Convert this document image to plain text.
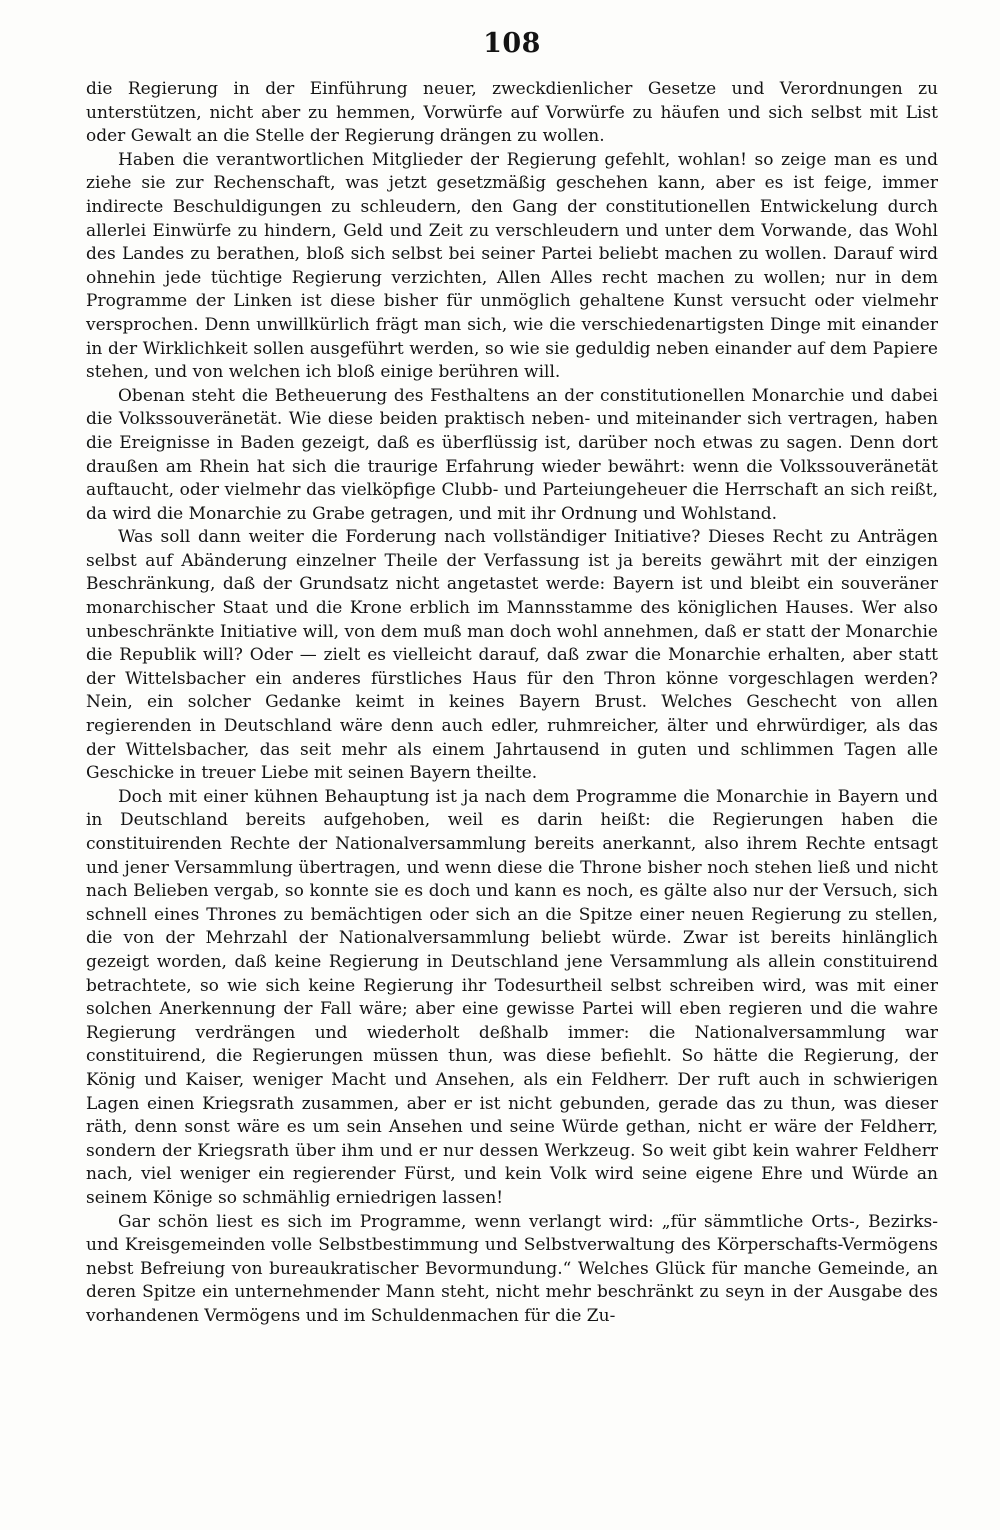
108

die Regierung in der Einführung neuer, zweckdienlicher Gesetze und Verordnungen zu unterstützen, nicht aber zu hemmen, Vorwürfe auf Vorwürfe zu häufen und sich selbst mit List oder Gewalt an die Stelle der Regierung drängen zu wollen.

Haben die verantwortlichen Mitglieder der Regierung gefehlt, wohlan! so zeige man es und ziehe sie zur Rechenschaft, was jetzt gesetzmäßig geschehen kann, aber es ist feige, immer indirecte Beschuldigungen zu schleudern, den Gang der constitutionellen Entwickelung durch allerlei Einwürfe zu hindern, Geld und Zeit zu verschleudern und unter dem Vorwande, das Wohl des Landes zu berathen, bloß sich selbst bei seiner Partei beliebt machen zu wollen. Darauf wird ohnehin jede tüchtige Regierung verzichten, Allen Alles recht machen zu wollen; nur in dem Programme der Linken ist diese bisher für unmöglich gehaltene Kunst versucht oder vielmehr versprochen. Denn unwillkürlich frägt man sich, wie die verschiedenartigsten Dinge mit einander in der Wirklichkeit sollen ausgeführt werden, so wie sie geduldig neben einander auf dem Papiere stehen, und von welchen ich bloß einige berühren will.

Obenan steht die Betheuerung des Festhaltens an der constitutionellen Monarchie und dabei die Volkssouveränetät. Wie diese beiden praktisch neben- und miteinander sich vertragen, haben die Ereignisse in Baden gezeigt, daß es überflüssig ist, darüber noch etwas zu sagen. Denn dort draußen am Rhein hat sich die traurige Erfahrung wieder bewährt: wenn die Volkssouveränetät auftaucht, oder vielmehr das vielköpfige Clubb- und Parteiungeheuer die Herrschaft an sich reißt, da wird die Monarchie zu Grabe getragen, und mit ihr Ordnung und Wohlstand.

Was soll dann weiter die Forderung nach vollständiger Initiative? Dieses Recht zu Anträgen selbst auf Abänderung einzelner Theile der Verfassung ist ja bereits gewährt mit der einzigen Beschränkung, daß der Grundsatz nicht angetastet werde: Bayern ist und bleibt ein souveräner monarchischer Staat und die Krone erblich im Mannsstamme des königlichen Hauses. Wer also unbeschränkte Initiative will, von dem muß man doch wohl annehmen, daß er statt der Monarchie die Republik will? Oder — zielt es vielleicht darauf, daß zwar die Monarchie erhalten, aber statt der Wittelsbacher ein anderes fürstliches Haus für den Thron könne vorgeschlagen werden? Nein, ein solcher Gedanke keimt in keines Bayern Brust. Welches Geschecht von allen regierenden in Deutschland wäre denn auch edler, ruhmreicher, älter und ehrwürdiger, als das der Wittelsbacher, das seit mehr als einem Jahrtausend in guten und schlimmen Tagen alle Geschicke in treuer Liebe mit seinen Bayern theilte.

Doch mit einer kühnen Behauptung ist ja nach dem Programme die Monarchie in Bayern und in Deutschland bereits aufgehoben, weil es darin heißt: die Regierungen haben die constituirenden Rechte der Nationalversammlung bereits anerkannt, also ihrem Rechte entsagt und jener Versammlung übertragen, und wenn diese die Throne bisher noch stehen ließ und nicht nach Belieben vergab, so konnte sie es doch und kann es noch, es gälte also nur der Versuch, sich schnell eines Thrones zu bemächtigen oder sich an die Spitze einer neuen Regierung zu stellen, die von der Mehrzahl der Nationalversammlung beliebt würde. Zwar ist bereits hinlänglich gezeigt worden, daß keine Regierung in Deutschland jene Versammlung als allein constituirend betrachtete, so wie sich keine Regierung ihr Todesurtheil selbst schreiben wird, was mit einer solchen Anerkennung der Fall wäre; aber eine gewisse Partei will eben regieren und die wahre Regierung verdrängen und wiederholt deßhalb immer: die Nationalversammlung war constituirend, die Regierungen müssen thun, was diese befiehlt. So hätte die Regierung, der König und Kaiser, weniger Macht und Ansehen, als ein Feldherr. Der ruft auch in schwierigen Lagen einen Kriegsrath zusammen, aber er ist nicht gebunden, gerade das zu thun, was dieser räth, denn sonst wäre es um sein Ansehen und seine Würde gethan, nicht er wäre der Feldherr, sondern der Kriegsrath über ihm und er nur dessen Werkzeug. So weit gibt kein wahrer Feldherr nach, viel weniger ein regierender Fürst, und kein Volk wird seine eigene Ehre und Würde an seinem Könige so schmählig erniedrigen lassen!

Gar schön liest es sich im Programme, wenn verlangt wird: „für sämmtliche Orts-, Bezirks- und Kreisgemeinden volle Selbstbestimmung und Selbstverwaltung des Körperschafts-Vermögens nebst Befreiung von bureaukratischer Bevormundung.“ Welches Glück für manche Gemeinde, an deren Spitze ein unternehmender Mann steht, nicht mehr beschränkt zu seyn in der Ausgabe des vorhandenen Vermögens und im Schuldenmachen für die Zu-
